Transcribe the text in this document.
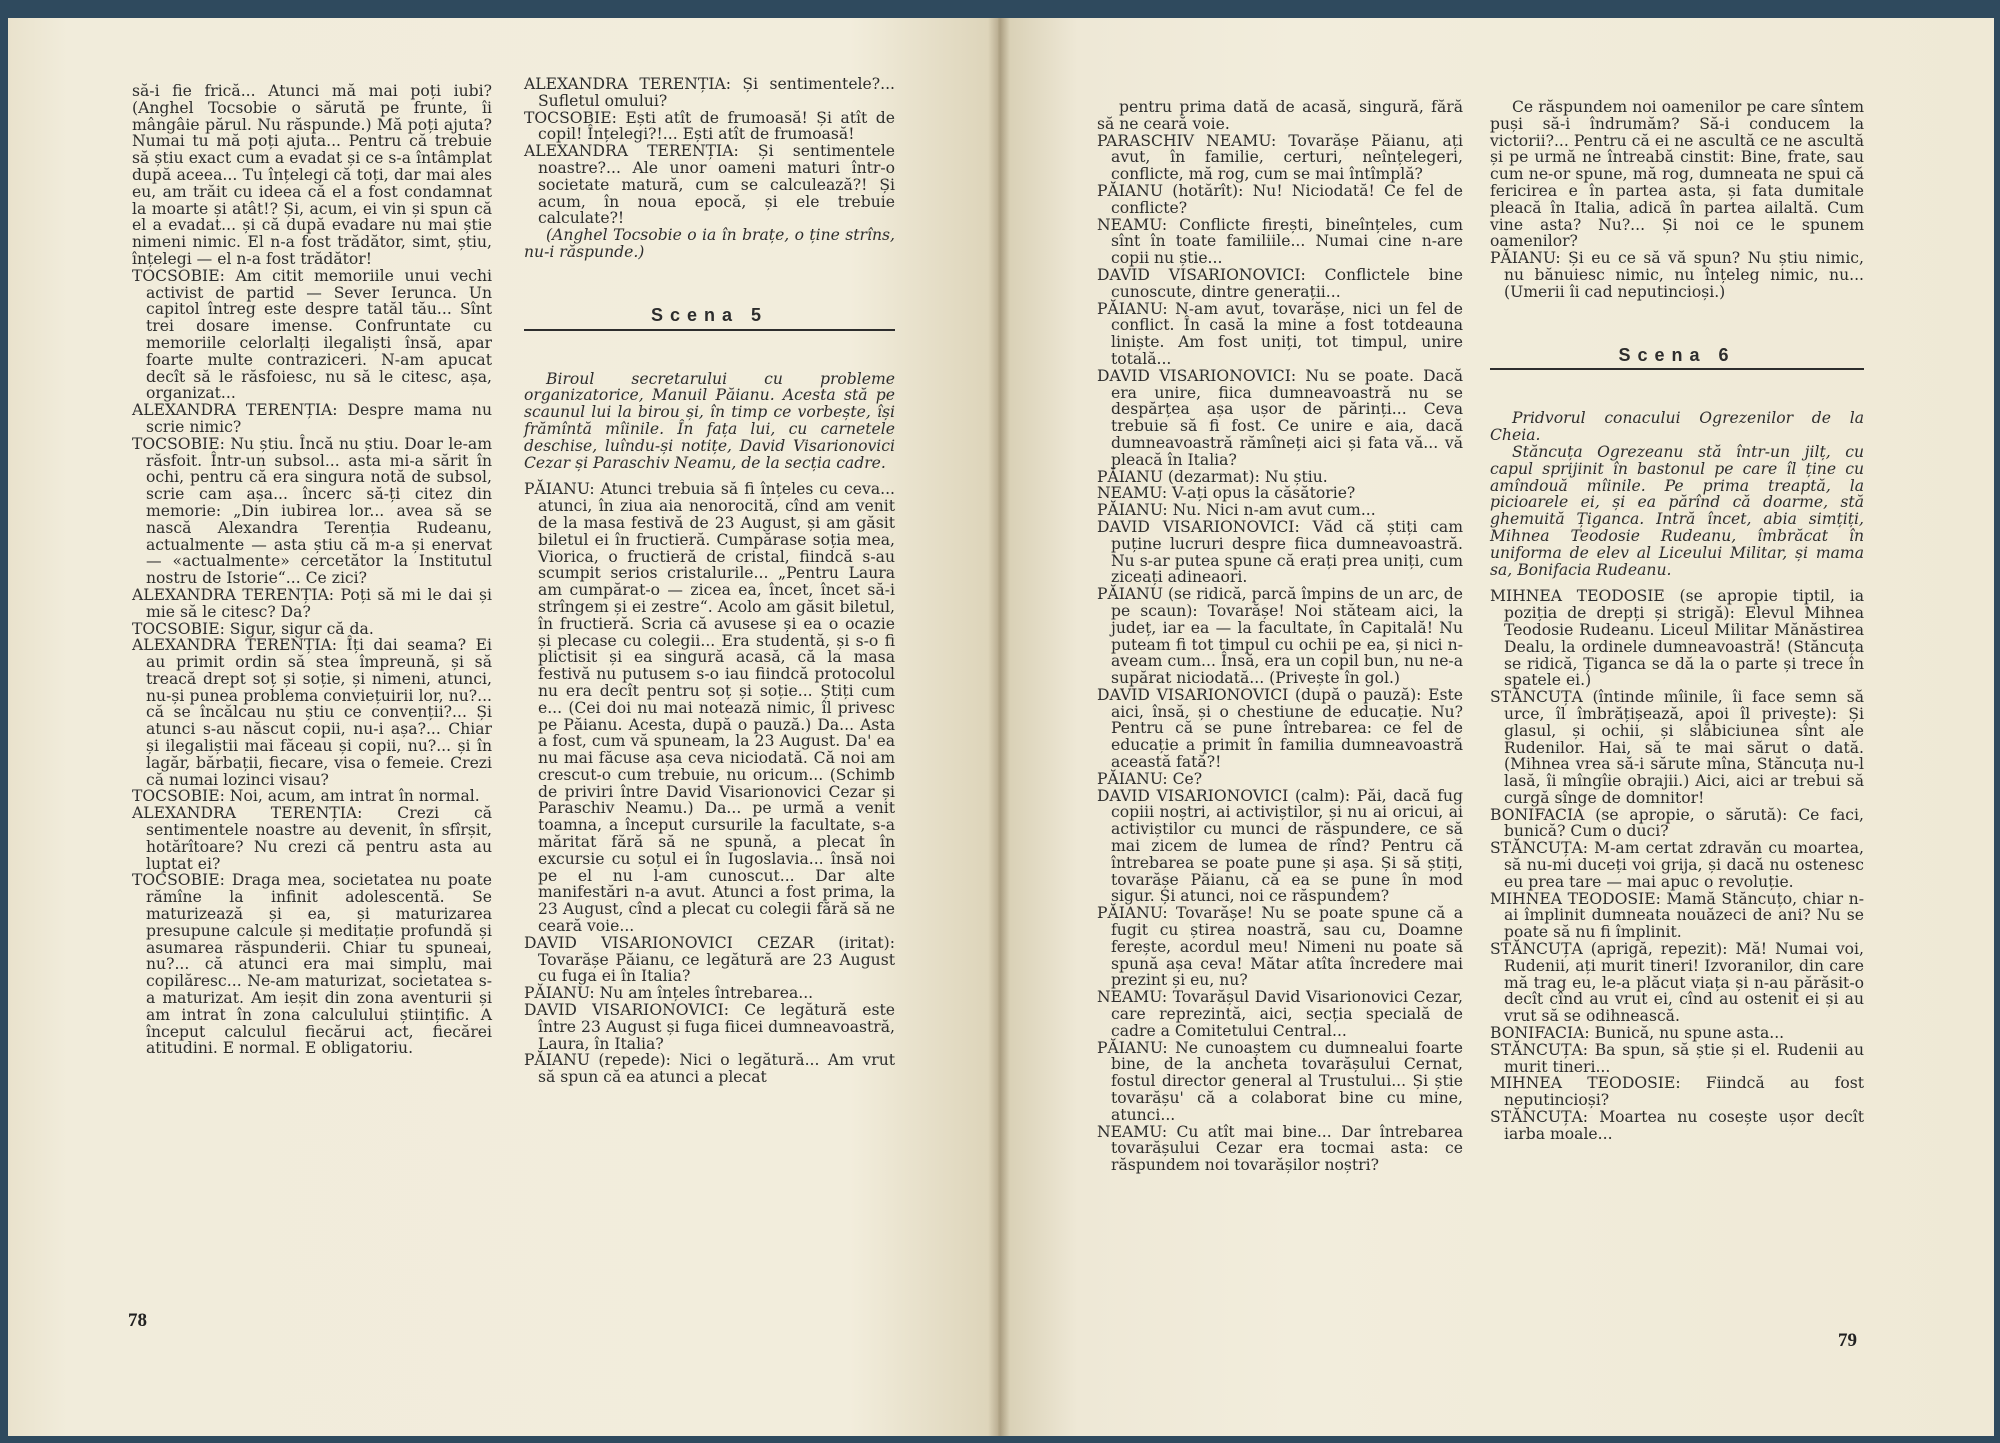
să-i fie frică... Atunci mă mai poți iubi? (Anghel Tocsobie o sărută pe frunte, îi mângâie părul. Nu răspunde.) Mă poți ajuta? Numai tu mă poți ajuta... Pentru că trebuie să știu exact cum a evadat și ce s-a întâmplat după aceea... Tu înțelegi că toți, dar mai ales eu, am trăit cu ideea că el a fost condamnat la moarte și atât!? Și, acum, ei vin și spun că el a evadat... și că după evadare nu mai știe nimeni nimic. El n-a fost trădător, simt, știu, înțelegi — el n-a fost trădător!

TOCSOBIE: Am citit memoriile unui vechi activist de partid — Sever Ierunca. Un capitol întreg este despre tatăl tău... Sînt trei dosare imense. Confruntate cu memoriile celorlalți ilegaliști însă, apar foarte multe contraziceri. N-am apucat decît să le răsfoiesc, nu să le citesc, așa, organizat...

ALEXANDRA TERENȚIA: Despre mama nu scrie nimic?

TOCSOBIE: Nu știu. Încă nu știu. Doar le-am răsfoit. Într-un subsol... asta mi-a sărit în ochi, pentru că era singura notă de subsol, scrie cam așa... încerc să-ți citez din memorie: „Din iubirea lor... avea să se nască Alexandra Terenția Rudeanu, actualmente — asta știu că m-a și enervat — «actualmente» cercetător la Institutul nostru de Istorie“... Ce zici?

ALEXANDRA TERENȚIA: Poți să mi le dai și mie să le citesc? Da?

TOCSOBIE: Sigur, sigur că da.

ALEXANDRA TERENȚIA: Îți dai seama? Ei au primit ordin să stea împreună, și să treacă drept soț și soție, și nimeni, atunci, nu-și punea problema conviețuirii lor, nu?... că se încălcau nu știu ce convenții?... Și atunci s-au născut copii, nu-i așa?... Chiar și ilegaliștii mai făceau și copii, nu?... și în lagăr, bărbații, fiecare, visa o femeie. Crezi că numai lozinci visau?

TOCSOBIE: Noi, acum, am intrat în normal.

ALEXANDRA TERENȚIA: Crezi că sentimentele noastre au devenit, în sfîrșit, hotărîtoare? Nu crezi că pentru asta au luptat ei?

TOCSOBIE: Draga mea, societatea nu poate rămîne la infinit adolescentă. Se maturizează și ea, și maturizarea presupune calcule și meditație profundă și asumarea răspunderii. Chiar tu spuneai, nu?... că atunci era mai simplu, mai copilăresc... Ne-am maturizat, societatea s-a maturizat. Am ieșit din zona aventurii și am intrat în zona calculului științific. A început calculul fiecărui act, fiecărei atitudini. E normal. E obligatoriu.

ALEXANDRA TERENȚIA: Și sentimentele?... Sufletul omului?

TOCSOBIE: Ești atît de frumoasă! Și atît de copil! Înțelegi?!... Ești atît de frumoasă!

ALEXANDRA TERENȚIA: Și sentimentele noastre?... Ale unor oameni maturi într-o societate matură, cum se calculează?! Și acum, în noua epocă, și ele trebuie calculate?!

(Anghel Tocsobie o ia în brațe, o ține strîns, nu-i răspunde.)

Scena 5

Biroul secretarului cu probleme organizatorice, Manuil Păianu. Acesta stă pe scaunul lui la birou și, în timp ce vorbește, își frămîntă mîinile. În fața lui, cu carnetele deschise, luîndu-și notițe, David Visarionovici Cezar și Paraschiv Neamu, de la secția cadre.

PĂIANU: Atunci trebuia să fi înțeles cu ceva... atunci, în ziua aia nenorocită, cînd am venit de la masa festivă de 23 August, și am găsit biletul ei în fructieră. Cumpărase soția mea, Viorica, o fructieră de cristal, fiindcă s-au scumpit serios cristalurile... „Pentru Laura am cumpărat-o — zicea ea, încet, încet să-i strîngem și ei zestre“. Acolo am găsit biletul, în fructieră. Scria că avusese și ea o ocazie și plecase cu colegii... Era studentă, și s-o fi plictisit și ea singură acasă, că la masa festivă nu putusem s-o iau fiindcă protocolul nu era decît pentru soț și soție... Știți cum e... (Cei doi nu mai notează nimic, îl privesc pe Păianu. Acesta, după o pauză.) Da... Asta a fost, cum vă spuneam, la 23 August. Da' ea nu mai făcuse așa ceva niciodată. Că noi am crescut-o cum trebuie, nu oricum... (Schimb de priviri între David Visarionovici Cezar și Paraschiv Neamu.) Da... pe urmă a venit toamna, a început cursurile la facultate, s-a măritat fără să ne spună, a plecat în excursie cu soțul ei în Iugoslavia... însă noi pe el nu l-am cunoscut... Dar alte manifestări n-a avut. Atunci a fost prima, la 23 August, cînd a plecat cu colegii fără să ne ceară voie...

DAVID VISARIONOVICI CEZAR (iritat): Tovarășe Păianu, ce legătură are 23 August cu fuga ei în Italia?

PĂIANU: Nu am înțeles întrebarea...

DAVID VISARIONOVICI: Ce legătură este între 23 August și fuga fiicei dumneavoastră, Laura, în Italia?

PĂIANU (repede): Nici o legătură... Am vrut să spun că ea atunci a plecat

pentru prima dată de acasă, singură, fără să ne ceară voie.

PARASCHIV NEAMU: Tovarășe Păianu, ați avut, în familie, certuri, neînțelegeri, conflicte, mă rog, cum se mai întîmplă?

PĂIANU (hotărît): Nu! Niciodată! Ce fel de conflicte?

NEAMU: Conflicte firești, bineînțeles, cum sînt în toate familiile... Numai cine n-are copii nu știe...

DAVID VISARIONOVICI: Conflictele bine cunoscute, dintre generații...

PĂIANU: N-am avut, tovarășe, nici un fel de conflict. În casă la mine a fost totdeauna liniște. Am fost uniți, tot timpul, unire totală...

DAVID VISARIONOVICI: Nu se poate. Dacă era unire, fiica dumneavoastră nu se despărțea așa ușor de părinți... Ceva trebuie să fi fost. Ce unire e aia, dacă dumneavoastră rămîneți aici și fata vă... vă pleacă în Italia?

PĂIANU (dezarmat): Nu știu.

NEAMU: V-ați opus la căsătorie?

PĂIANU: Nu. Nici n-am avut cum...

DAVID VISARIONOVICI: Văd că știți cam puține lucruri despre fiica dumneavoastră. Nu s-ar putea spune că erați prea uniți, cum ziceați adineaori.

PĂIANU (se ridică, parcă împins de un arc, de pe scaun): Tovarășe! Noi stăteam aici, la județ, iar ea — la facultate, în Capitală! Nu puteam fi tot timpul cu ochii pe ea, și nici n-aveam cum... Însă, era un copil bun, nu ne-a supărat niciodată... (Privește în gol.)

DAVID VISARIONOVICI (după o pauză): Este aici, însă, și o chestiune de educație. Nu? Pentru că se pune întrebarea: ce fel de educație a primit în familia dumneavoastră această fată?!

PĂIANU: Ce?

DAVID VISARIONOVICI (calm): Păi, dacă fug copiii noștri, ai activiștilor, și nu ai oricui, ai activiștilor cu munci de răspundere, ce să mai zicem de lumea de rînd? Pentru că întrebarea se poate pune și așa. Și să știți, tovarășe Păianu, că ea se pune în mod sigur. Și atunci, noi ce răspundem?

PĂIANU: Tovarășe! Nu se poate spune că a fugit cu știrea noastră, sau cu, Doamne ferește, acordul meu! Nimeni nu poate să spună așa ceva! Mătar atîta încredere mai prezint și eu, nu?

NEAMU: Tovarășul David Visarionovici Cezar, care reprezintă, aici, secția specială de cadre a Comitetului Central...

PĂIANU: Ne cunoaștem cu dumnealui foarte bine, de la ancheta tovarășului Cernat, fostul director general al Trustului... Și știe tovarășu' că a colaborat bine cu mine, atunci...

NEAMU: Cu atît mai bine... Dar întrebarea tovarășului Cezar era tocmai asta: ce răspundem noi tovarășilor noștri?

Ce răspundem noi oamenilor pe care sîntem puși să-i îndrumăm? Să-i conducem la victorii?... Pentru că ei ne ascultă ce ne ascultă și pe urmă ne întreabă cinstit: Bine, frate, sau cum ne-or spune, mă rog, dumneata ne spui că fericirea e în partea asta, și fata dumitale pleacă în Italia, adică în partea ailaltă. Cum vine asta? Nu?... Și noi ce le spunem oamenilor?

PĂIANU: Și eu ce să vă spun? Nu știu nimic, nu bănuiesc nimic, nu înțeleg nimic, nu... (Umerii îi cad neputincioși.)

Scena 6

Pridvorul conacului Ogrezenilor de la Cheia.

Stăncuța Ogrezeanu stă într-un jilț, cu capul sprijinit în bastonul pe care îl ține cu amîndouă mîinile. Pe prima treaptă, la picioarele ei, și ea părînd că doarme, stă ghemuită Țiganca. Intră încet, abia simțiți, Mihnea Teodosie Rudeanu, îmbrăcat în uniforma de elev al Liceului Militar, și mama sa, Bonifacia Rudeanu.

MIHNEA TEODOSIE (se apropie tiptil, ia poziția de drepți și strigă): Elevul Mihnea Teodosie Rudeanu. Liceul Militar Mănăstirea Dealu, la ordinele dumneavoastră! (Stăncuța se ridică, Țiganca se dă la o parte și trece în spatele ei.)

STĂNCUȚA (întinde mîinile, îi face semn să urce, îl îmbrățișează, apoi îl privește): Și glasul, și ochii, și slăbiciunea sînt ale Rudenilor. Hai, să te mai sărut o dată. (Mihnea vrea să-i sărute mîna, Stăncuța nu-l lasă, îi mîngîie obrajii.) Aici, aici ar trebui să curgă sînge de domnitor!

BONIFACIA (se apropie, o sărută): Ce faci, bunică? Cum o duci?

STĂNCUȚA: M-am certat zdravăn cu moartea, să nu-mi duceți voi grija, și dacă nu ostenesc eu prea tare — mai apuc o revoluție.

MIHNEA TEODOSIE: Mamă Stăncuțo, chiar n-ai împlinit dumneata nouăzeci de ani? Nu se poate să nu fi împlinit.

STĂNCUȚA (aprigă, repezit): Mă! Numai voi, Rudenii, ați murit tineri! Izvoranilor, din care mă trag eu, le-a plăcut viața și n-au părăsit-o decît cînd au vrut ei, cînd au ostenit ei și au vrut să se odihnească.

BONIFACIA: Bunică, nu spune asta...

STĂNCUȚA: Ba spun, să știe și el. Rudenii au murit tineri...

MIHNEA TEODOSIE: Fiindcă au fost neputincioși?

STĂNCUȚA: Moartea nu cosește ușor decît iarba moale...

78
79
